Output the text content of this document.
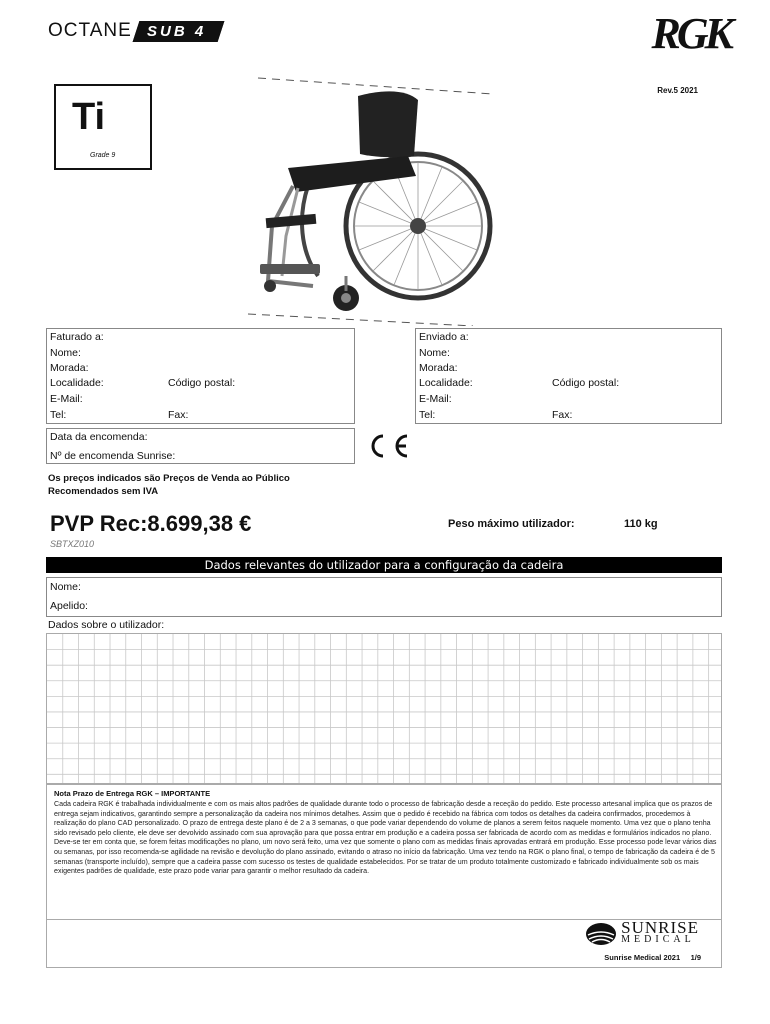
OCTANE	SUB 4	RGK
Ti
Grade 9
Rev.5 2021
Faturado a:
Nome:
Morada:
Localidade:	Código postal:
E-Mail:
Tel:	Fax:
Enviado a:
Nome:
Morada:
Localidade:	Código postal:
E-Mail:
Tel:	Fax:
Data da encomenda:
Nº de encomenda Sunrise:
Os preços indicados são Preços de Venda ao Público
Recomendados sem IVA
PVP Rec:8.699,38 €
SBTXZ010
Peso máximo utilizador:	110 kg
Dados relevantes do utilizador para a configuração da cadeira
Nome:
Apelido:
Dados sobre o utilizador:
Nota Prazo de Entrega RGK – IMPORTANTE
Cada cadeira RGK é trabalhada individualmente e com os mais altos padrões de qualidade durante todo o processo de fabricação desde a receção do pedido. Este processo artesanal implica que os prazos de entrega sejam indicativos, garantindo sempre a personalização da cadeira nos mínimos detalhes. Assim que o pedido é recebido na fábrica com todos os detalhes da cadeira confirmados, procedemos à realização do plano CAD personalizado. O prazo de entrega deste plano é de 2 a 3 semanas, o que pode variar dependendo do volume de planos a serem feitos naquele momento. Uma vez que o plano tenha sido revisado pelo cliente, ele deve ser devolvido assinado com sua aprovação para que possa entrar em produção e a cadeira possa ser fabricada de acordo com as medidas e formulários indicados no plano. Deve-se ter em conta que, se forem feitas modificações no plano, um novo será feito, uma vez que somente o plano com as medidas finais aprovadas entrará em produção. Esse processo pode levar vários dias ou semanas, por isso recomenda-se agilidade na revisão e devolução do plano assinado, evitando o atraso no início da fabricação. Uma vez tendo na RGK o plano final, o tempo de fabricação da cadeira é de 5 semanas (transporte incluído), sempre que a cadeira passe com sucesso os testes de qualidade estabelecidos. Por se tratar de um produto totalmente customizado e fabricado individualmente sob os mais exigentes padrões de qualidade, este prazo pode variar para garantir o melhor resultado da cadeira.
SUNRISE
MEDICAL
Sunrise Medical 2021     1/9
